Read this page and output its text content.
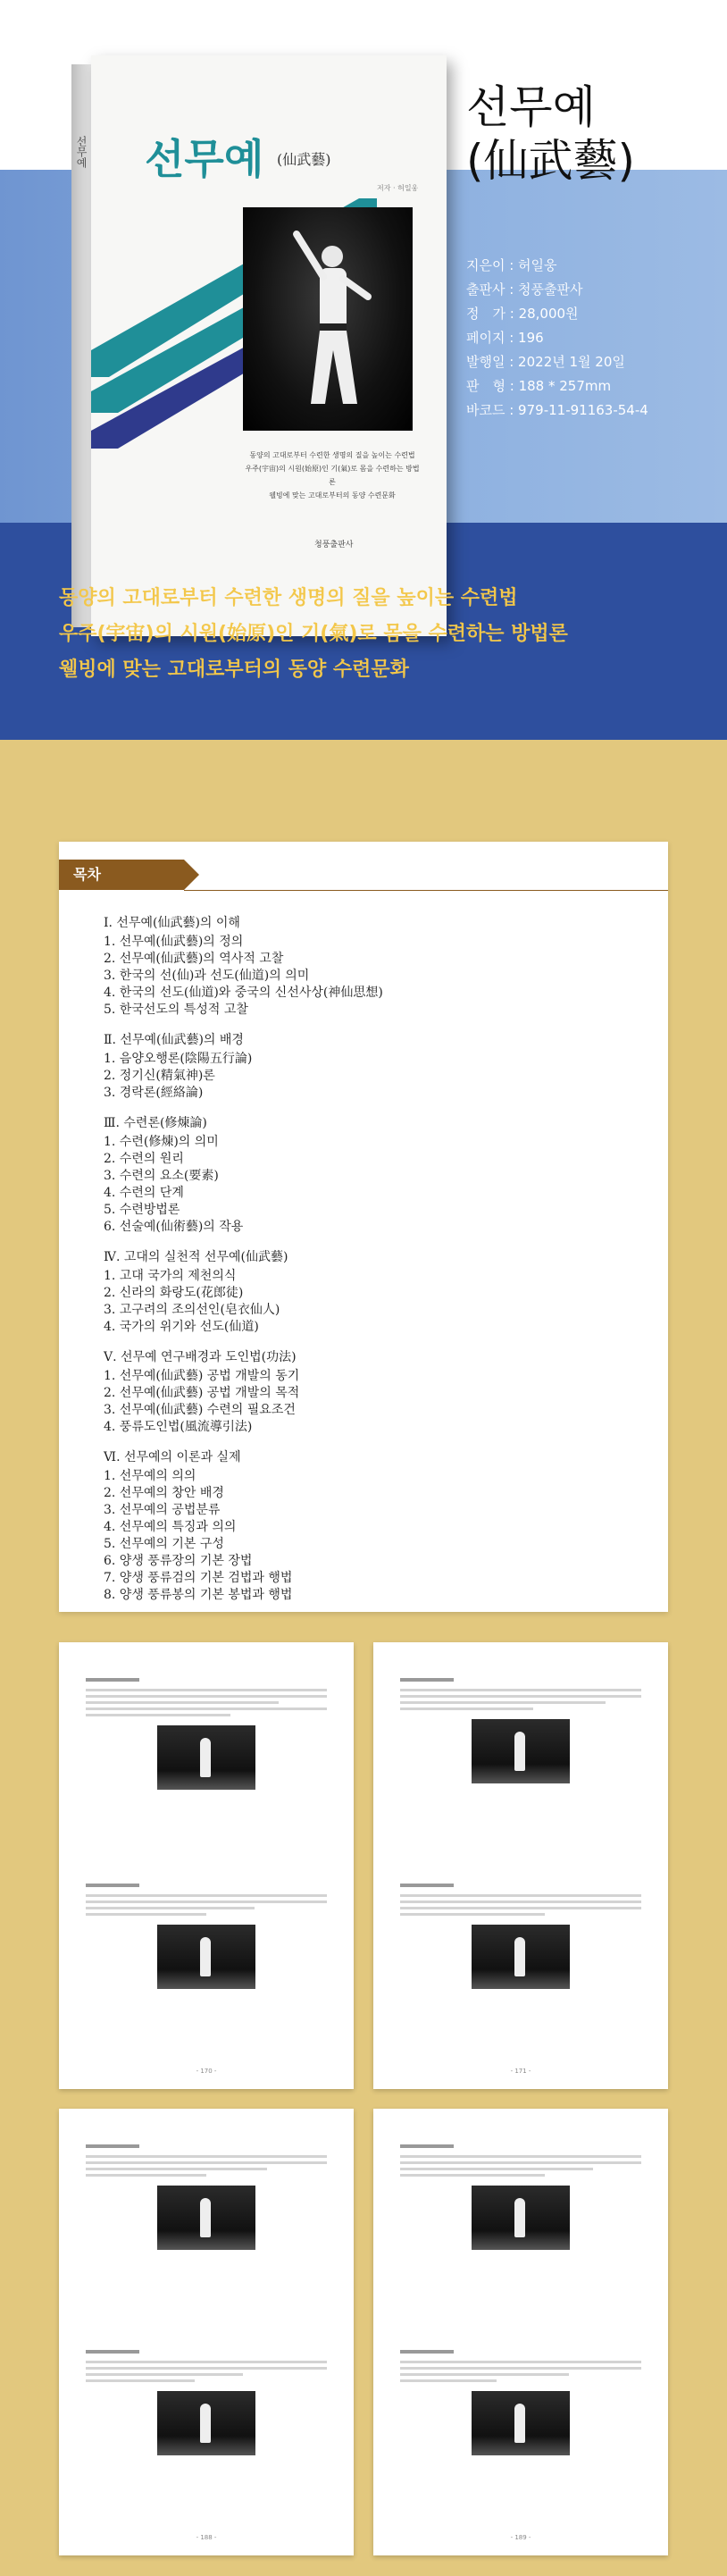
선무예 선무예 (仙武藝)
저자 · 허일웅
동양의 고대로부터 수련한 생명의 질을 높이는 수련법
우주(宇宙)의 시원(始原)인 기(氣)로 몸을 수련하는 방법론
웰빙에 맞는 고대로부터의 동양 수련문화
청풍출판사
선무예
(仙武藝)
지은이 : 허일웅
출판사 : 청풍출판사
정　가 : 28,000원
페이지 : 196
발행일 : 2022년 1월 20일
판　형 : 188 * 257mm
바코드 : 979-11-91163-54-4
동양의 고대로부터 수련한 생명의 질을 높이는 수련법
우주(宇宙)의 시원(始原)인 기(氣)로 몸을 수련하는 방법론
웰빙에 맞는 고대로부터의 동양 수련문화
목차
Ⅰ. 선무예(仙武藝)의 이해
1. 선무예(仙武藝)의 정의
2. 선무예(仙武藝)의 역사적 고찰
3. 한국의 선(仙)과 선도(仙道)의 의미
4. 한국의 선도(仙道)와 중국의 신선사상(神仙思想)
5. 한국선도의 특성적 고찰
Ⅱ. 선무예(仙武藝)의 배경
1. 음양오행론(陰陽五行論)
2. 정기신(精氣神)론
3. 경락론(經絡論)
Ⅲ. 수련론(修煉論)
1. 수련(修煉)의 의미
2. 수련의 원리
3. 수련의 요소(要素)
4. 수련의 단계
5. 수련방법론
6. 선술예(仙術藝)의 작용
Ⅳ. 고대의 실천적 선무예(仙武藝)
1. 고대 국가의 제천의식
2. 신라의 화랑도(花郎徒)
3. 고구려의 조의선인(皂衣仙人)
4. 국가의 위기와 선도(仙道)
Ⅴ. 선무예 연구배경과 도인법(功法)
1. 선무예(仙武藝) 공법 개발의 동기
2. 선무예(仙武藝) 공법 개발의 목적
3. 선무예(仙武藝) 수련의 필요조건
4. 풍류도인법(風流導引法)
Ⅵ. 선무예의 이론과 실제
1. 선무예의 의의
2. 선무예의 창안 배경
3. 선무예의 공법분류
4. 선무예의 특징과 의의
5. 선무예의 기본 구성
6. 양생 풍류장의 기본 장법
7. 양생 풍류검의 기본 검법과 행법
8. 양생 풍류봉의 기본 봉법과 행법
- 170 -	- 171 -
- 188 -	- 189 -
